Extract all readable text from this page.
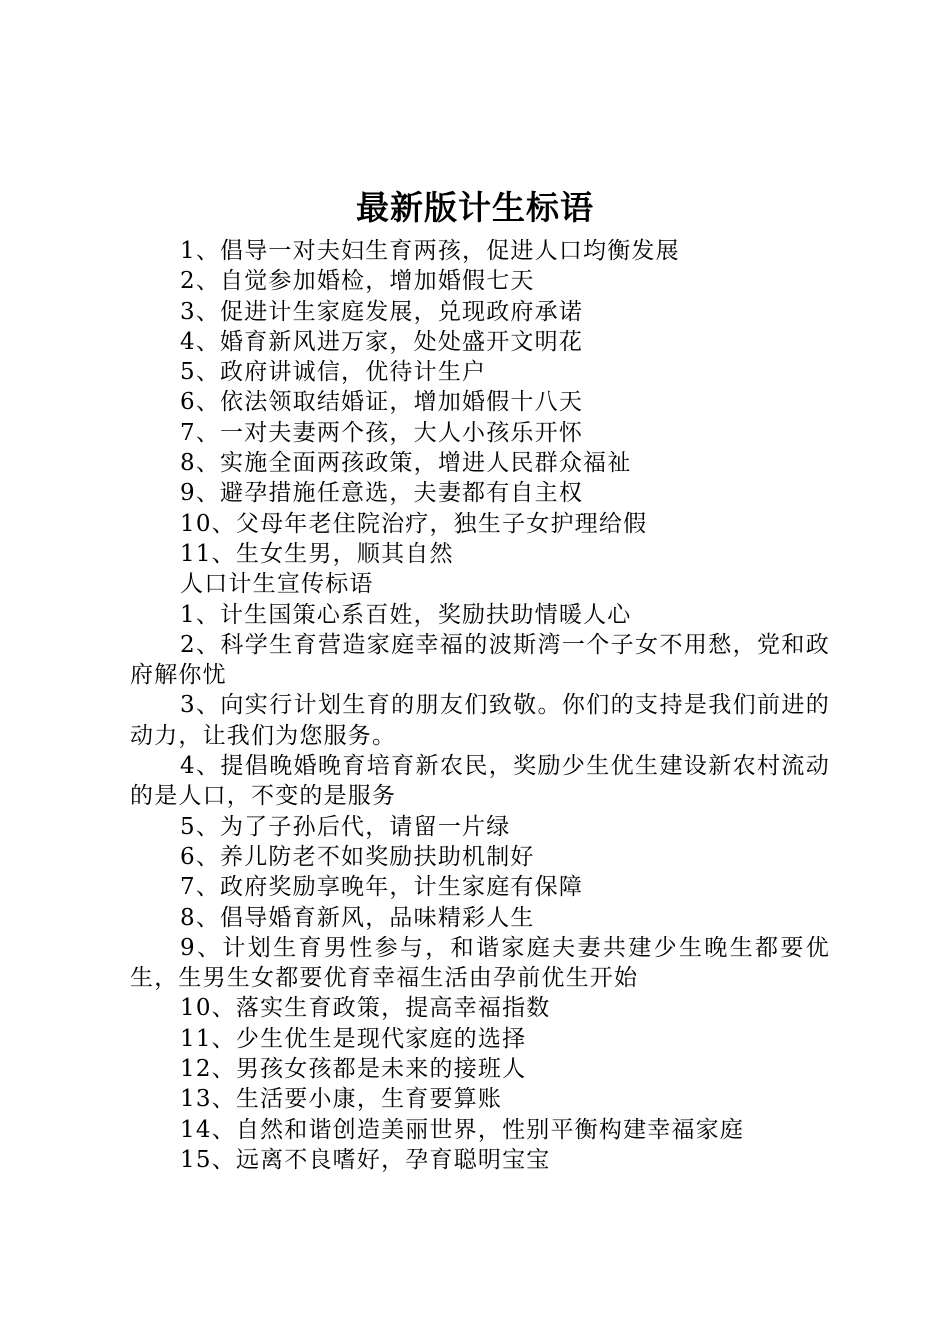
最新版计生标语

1、倡导一对夫妇生育两孩，促进人口均衡发展

2、自觉参加婚检，增加婚假七天

3、促进计生家庭发展，兑现政府承诺

4、婚育新风进万家，处处盛开文明花

5、政府讲诚信，优待计生户

6、依法领取结婚证，增加婚假十八天

7、一对夫妻两个孩，大人小孩乐开怀

8、实施全面两孩政策，增进人民群众福祉

9、避孕措施任意选，夫妻都有自主权

10、父母年老住院治疗，独生子女护理给假

11、生女生男，顺其自然

人口计生宣传标语

1、计生国策心系百姓，奖励扶助情暖人心

2、科学生育营造家庭幸福的波斯湾一个子女不用愁，党和政府解你忧

3、向实行计划生育的朋友们致敬。你们的支持是我们前进的动力，让我们为您服务。

4、提倡晚婚晚育培育新农民，奖励少生优生建设新农村流动的是人口，不变的是服务

5、为了子孙后代，请留一片绿

6、养儿防老不如奖励扶助机制好

7、政府奖励享晚年，计生家庭有保障

8、倡导婚育新风，品味精彩人生

9、计划生育男性参与，和谐家庭夫妻共建少生晚生都要优生，生男生女都要优育幸福生活由孕前优生开始

10、落实生育政策，提高幸福指数

11、少生优生是现代家庭的选择

12、男孩女孩都是未来的接班人

13、生活要小康，生育要算账

14、自然和谐创造美丽世界，性别平衡构建幸福家庭

15、远离不良嗜好，孕育聪明宝宝
